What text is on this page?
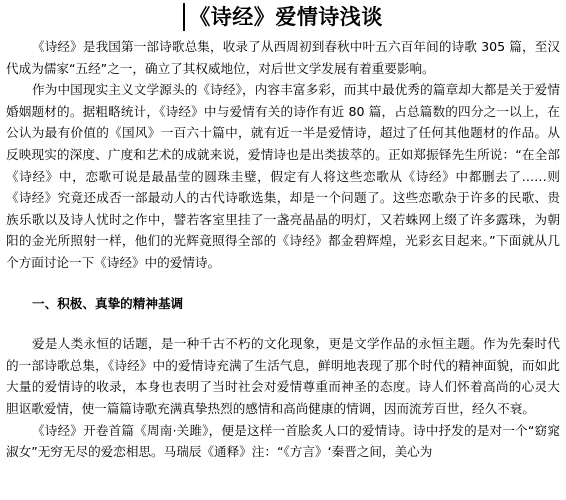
《诗经》爱情诗浅谈

《诗经》是我国第一部诗歌总集，收录了从西周初到春秋中叶五六百年间的诗歌 305 篇，至汉代成为儒家“五经”之一，确立了其权威地位，对后世文学发展有着重要影响。

作为中国现实主义文学源头的《诗经》，内容丰富多彩，而其中最优秀的篇章却大都是关于爱情婚姻题材的。据粗略统计，《诗经》中与爱情有关的诗作有近 80 篇，占总篇数的四分之一以上，在公认为最有价值的《国风》一百六十篇中，就有近一半是爱情诗，超过了任何其他题材的作品。从反映现实的深度、广度和艺术的成就来说，爱情诗也是出类拔萃的。正如郑振铎先生所说：“在全部《诗经》中，恋歌可说是最晶莹的圆珠圭璧，假定有人将这些恋歌从《诗经》中都删去了……则《诗经》究竟还成否一部最动人的古代诗歌选集，却是一个问题了。这些恋歌杂于许多的民歌、贵族乐歌以及诗人忧时之作中，譬若客室里挂了一盏亮晶晶的明灯，又若蛛网上缀了许多露珠，为朝阳的金光所照射一样，他们的光辉竟照得全部的《诗经》都金碧辉煌，光彩玄目起来。”下面就从几个方面讨论一下《诗经》中的爱情诗。

一、积极、真挚的精神基调

爱是人类永恒的话题，是一种千古不朽的文化现象，更是文学作品的永恒主题。作为先秦时代的一部诗歌总集，《诗经》中的爱情诗充满了生活气息，鲜明地表现了那个时代的精神面貌，而如此大量的爱情诗的收录，本身也表明了当时社会对爱情尊重而神圣的态度。诗人们怀着高尚的心灵大胆讴歌爱情，使一篇篇诗歌充满真挚热烈的感情和高尚健康的情调，因而流芳百世，经久不衰。

《诗经》开卷首篇《周南·关雎》，便是这样一首脍炙人口的爱情诗。诗中抒发的是对一个“窈窕淑女”无穷无尽的爱恋相思。马瑞辰《通释》注：“《方言》‘秦晋之间，美心为
